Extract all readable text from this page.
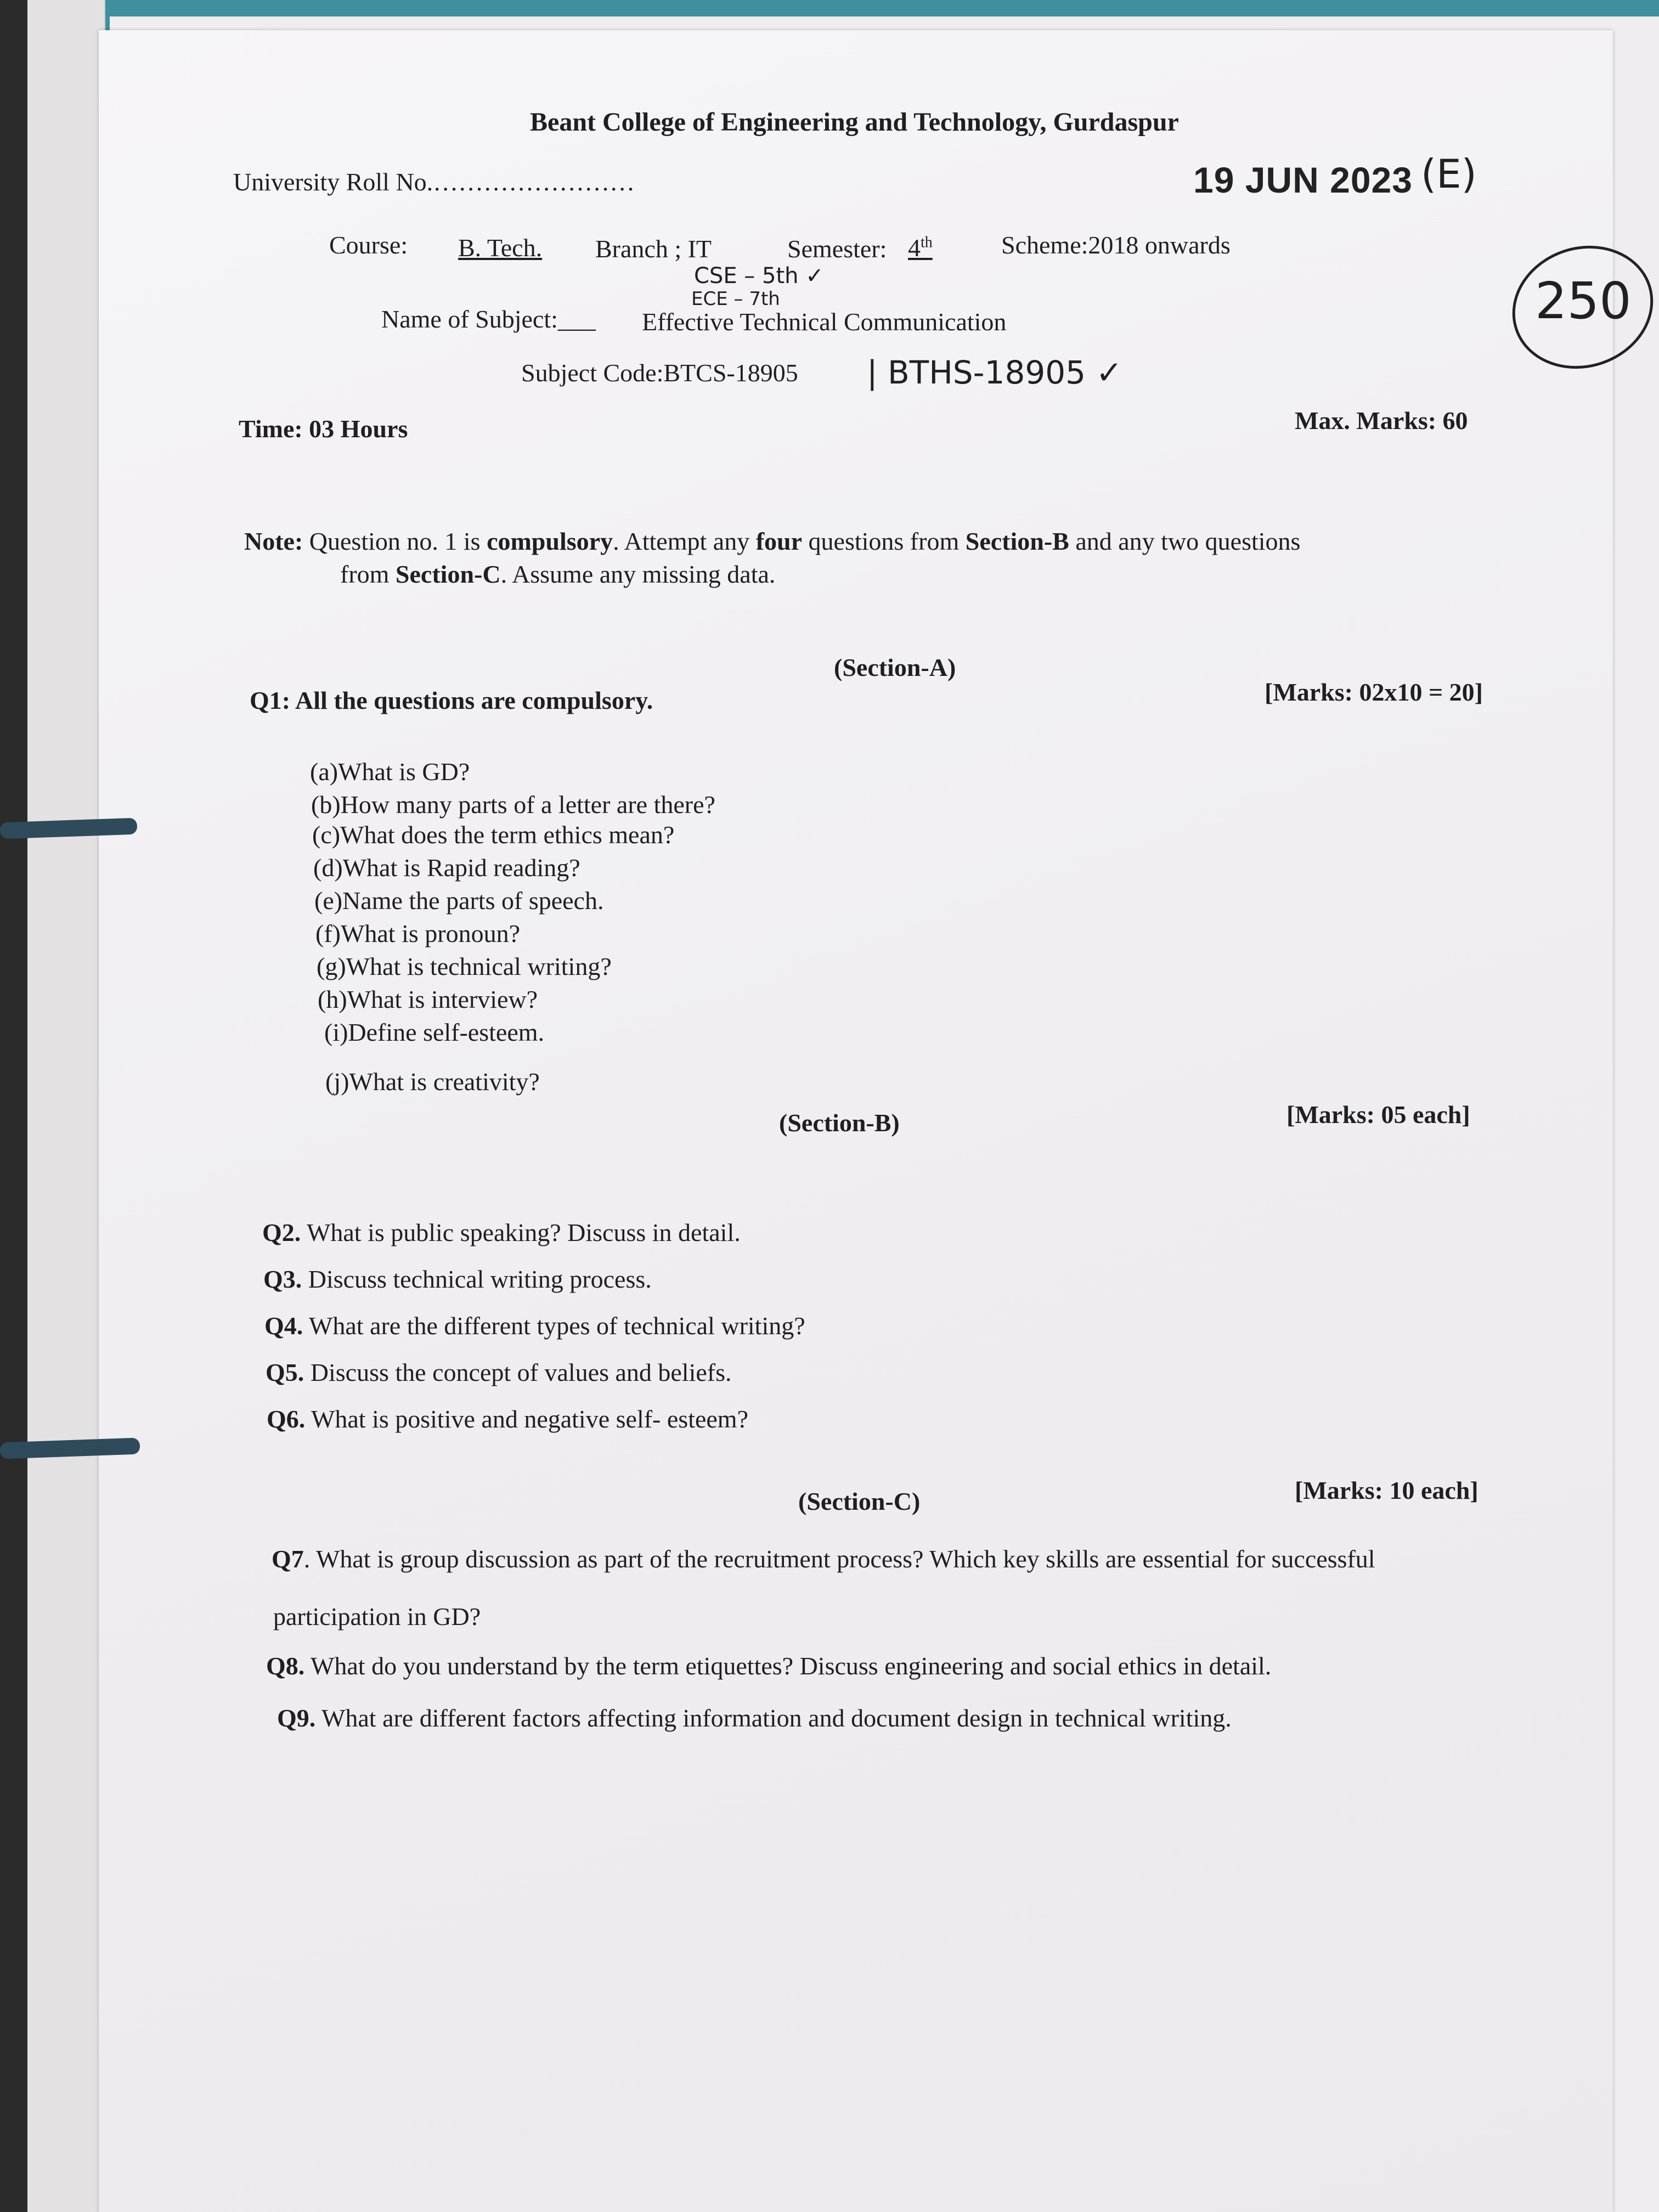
Beant College of Engineering and Technology, Gurdaspur
University Roll No.……………………	19 JUN 2023 (E)
250
Course: B. Tech. Branch ; IT	Semester: 4th	Scheme:2018 onwards
CSE – 5th ✓
ECE – 7th
Name of Subject:___ Effective Technical Communication
Subject Code:BTCS-18905 | BTHS-18905 ✓
Time: 03 Hours	Max. Marks: 60
Note: Question no. 1 is compulsory. Attempt any four questions from Section-B and any two questions
from Section-C. Assume any missing data.
(Section-A)
Q1: All the questions are compulsory.	[Marks: 02x10 = 20]
(a)What is GD?
(b)How many parts of a letter are there?
(c)What does the term ethics mean?
(d)What is Rapid reading?
(e)Name the parts of speech.
(f)What is pronoun?
(g)What is technical writing?
(h)What is interview?
(i)Define self-esteem.
(j)What is creativity?
(Section-B)	[Marks: 05 each]
Q2. What is public speaking? Discuss in detail.
Q3. Discuss technical writing process.
Q4. What are the different types of technical writing?
Q5. Discuss the concept of values and beliefs.
Q6. What is positive and negative self- esteem?
(Section-C)	[Marks: 10 each]
Q7. What is group discussion as part of the recruitment process? Which key skills are essential for successful
participation in GD?
Q8. What do you understand by the term etiquettes? Discuss engineering and social ethics in detail.
Q9. What are different factors affecting information and document design in technical writing.
